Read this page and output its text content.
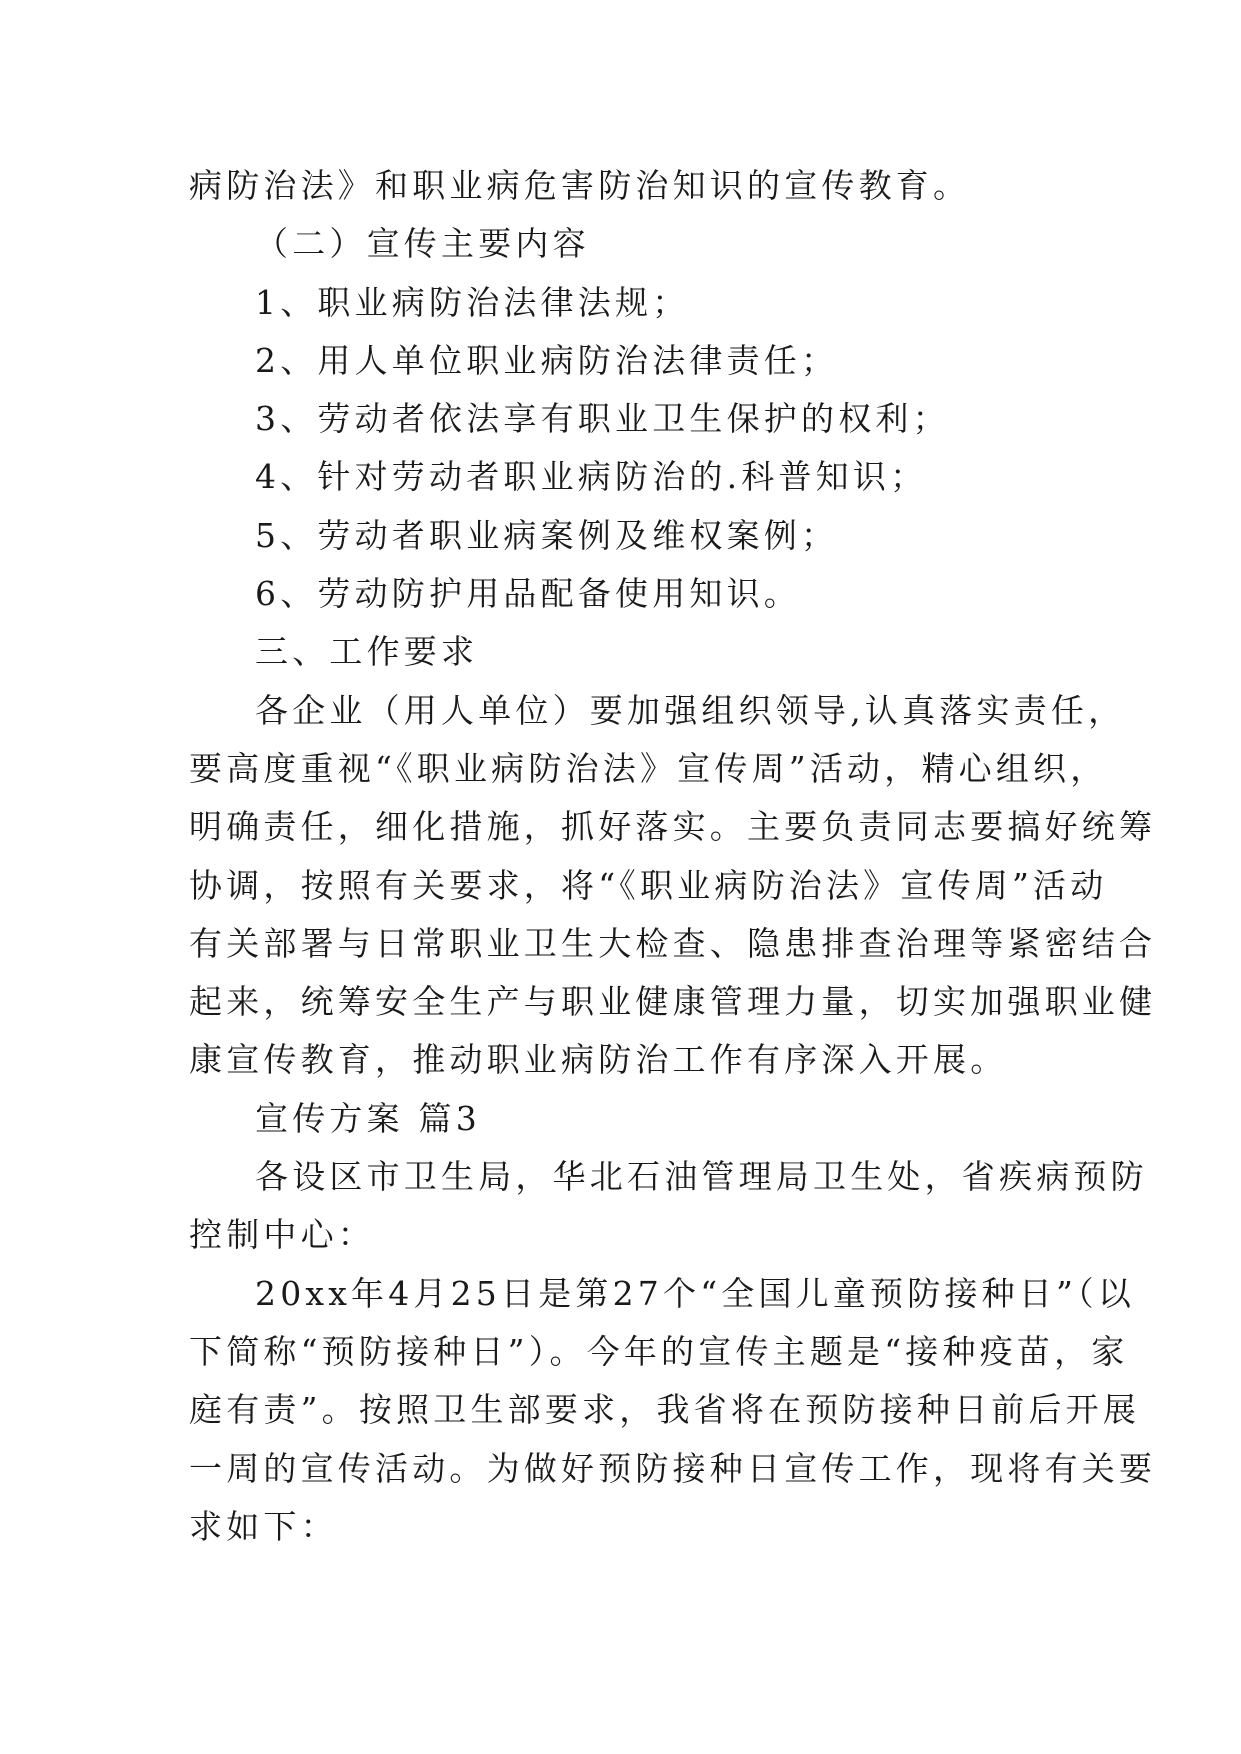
病防治法》和职业病危害防治知识的宣传教育。
（二）宣传主要内容
1、职业病防治法律法规；
2、用人单位职业病防治法律责任；
3、劳动者依法享有职业卫生保护的权利；
4、针对劳动者职业病防治的.科普知识；
5、劳动者职业病案例及维权案例；
6、劳动防护用品配备使用知识。
三、工作要求
各企业（用人单位）要加强组织领导,认真落实责任，
要高度重视“《职业病防治法》宣传周”活动，精心组织，
明确责任，细化措施，抓好落实。主要负责同志要搞好统筹
协调，按照有关要求，将“《职业病防治法》宣传周”活动
有关部署与日常职业卫生大检查、隐患排查治理等紧密结合
起来，统筹安全生产与职业健康管理力量，切实加强职业健
康宣传教育，推动职业病防治工作有序深入开展。
宣传方案 篇3
各设区市卫生局，华北石油管理局卫生处，省疾病预防
控制中心：
20xx年4月25日是第27个“全国儿童预防接种日”（以
下简称“预防接种日”）。今年的宣传主题是“接种疫苗，家
庭有责”。按照卫生部要求，我省将在预防接种日前后开展
一周的宣传活动。为做好预防接种日宣传工作，现将有关要
求如下：
